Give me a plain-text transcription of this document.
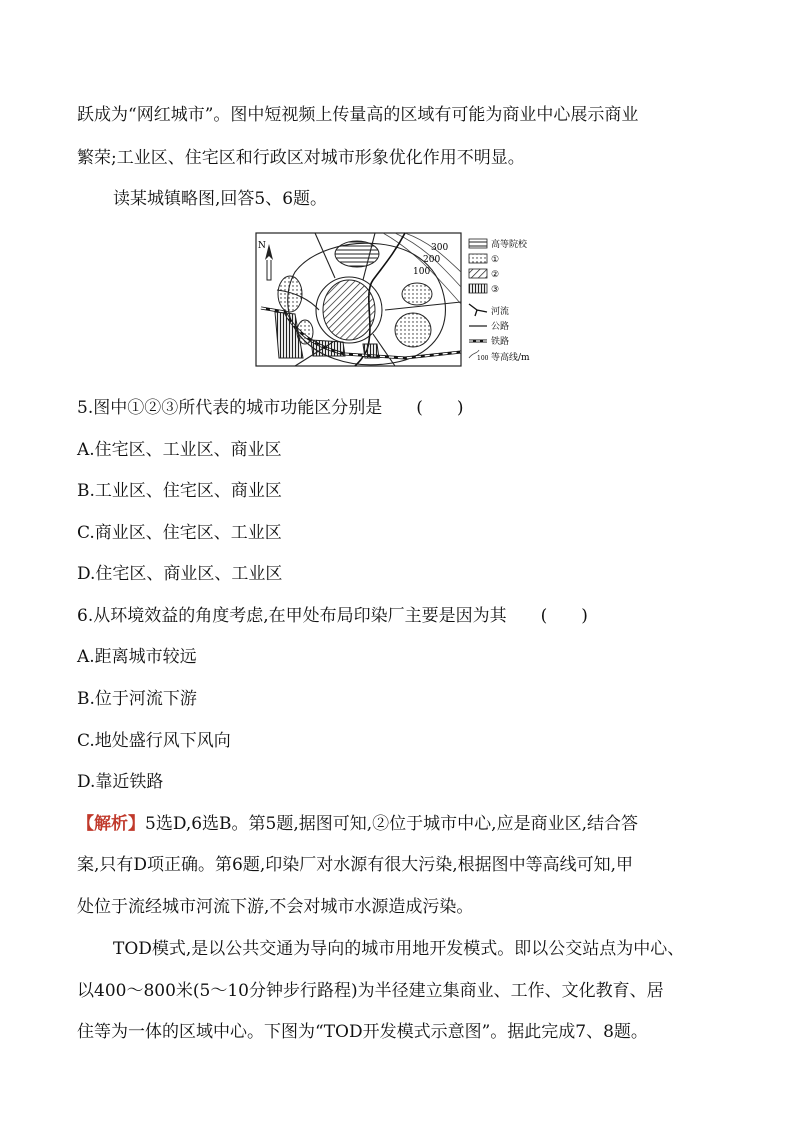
跃成为“网红城市”。图中短视频上传量高的区域有可能为商业中心展示商业
繁荣;工业区、住宅区和行政区对城市形象优化作用不明显。
读某城镇略图,回答5、6题。
300
200
100
N	高等院校
①
②
③
河流
公路
铁路
100 等高线/m
5.图中①②③所代表的城市功能区分别是　　(　　)
A.住宅区、工业区、商业区
B.工业区、住宅区、商业区
C.商业区、住宅区、工业区
D.住宅区、商业区、工业区
6.从环境效益的角度考虑,在甲处布局印染厂主要是因为其　　(　　)
A.距离城市较远
B.位于河流下游
C.地处盛行风下风向
D.靠近铁路
【解析】5选D,6选B。第5题,据图可知,②位于城市中心,应是商业区,结合答
案,只有D项正确。第6题,印染厂对水源有很大污染,根据图中等高线可知,甲
处位于流经城市河流下游,不会对城市水源造成污染。
TOD模式,是以公共交通为导向的城市用地开发模式。即以公交站点为中心、
以400～800米(5～10分钟步行路程)为半径建立集商业、工作、文化教育、居
住等为一体的区域中心。下图为“TOD开发模式示意图”。据此完成7、8题。
